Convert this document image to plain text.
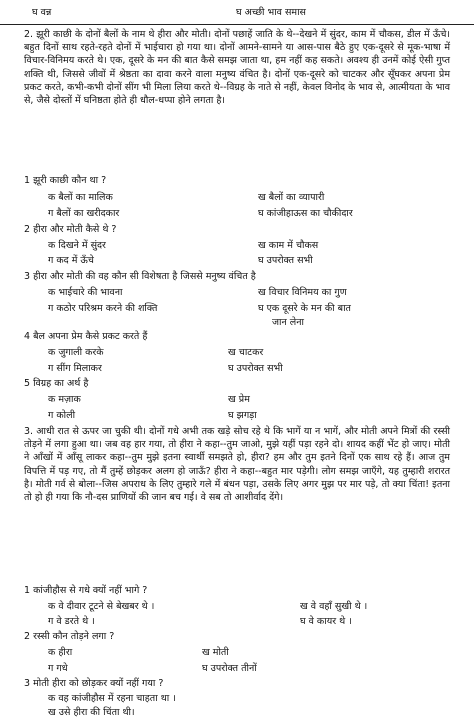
घ वन्न	घ अच्छी भाव समास
2. झूरी काछी के दोनों बैलों के नाम थे हीरा और मोती। दोनों पछाहें जाति के थे--देखने में सुंदर, काम में चौकस, डील में ऊँचे। बहुत दिनों साथ रहते-रहते दोनों में भाईचारा हो गया था। दोनों आमने-सामने या आस-पास बैठे हुए एक-दूसरे से मूक-भाषा में विचार-विनिमय करते थे। एक, दूसरे के मन की बात कैसे समझ जाता था, हम नहीं कह सकते। अवश्य ही उनमें कोई ऐसी गुप्त शक्ति थी, जिससे जीवों में श्रेष्ठता का दावा करने वाला मनुष्य वंचित है। दोनों एक-दूसरे को चाटकर और सूँघकर अपना प्रेम प्रकट करते, कभी-कभी दोनों सींग भी मिला लिया करते थे--विग्रह के नाते से नहीं, केवल विनोद के भाव से, आत्मीयता के भाव से, जैसे दोस्तों में घनिष्ठता होते ही धौल-धप्पा होने लगता है।
1 झूरी काछी कौन था ?
क बैलों का मालिक	ख बैलों का व्यापारी
ग बैलों का खरीदकार	घ कांजीहाऊस का चौकीदार
2 हीरा और मोती कैसे थे ?
क दिखने में सुंदर	ख काम में चौकस
ग कद में ऊँचे	घ उपरोक्त सभी
3 हीरा और मोती की वह कौन सी विशेषता है जिससे मनुष्य वंचित है
क भाईचारे की भावना	ख विचार विनिमय का गुण
ग कठोर परिश्रम करने की शक्ति	घ एक दूसरे के मन की बात
जान लेना
4 बैल अपना प्रेम कैसे प्रकट करते हैं
क जुगाली करके	ख चाटकर
ग सींग मिलाकर	घ उपरोक्त सभी
5 विग्रह का अर्थ है
क मज़ाक	ख प्रेम
ग कोली	घ झगड़ा
3. आधी रात से ऊपर जा चुकी थी। दोनों गधे अभी तक खड़े सोच रहे थे कि भागें या न भागें, और मोती अपने मित्रों की रस्सी तोड़ने में लगा हुआ था। जब वह हार गया, तो हीरा ने कहा--तुम जाओ, मुझे यहीं पड़ा रहने दो। शायद कहीं भेंट हो जाए। मोती ने आँखों में आँसू लाकर कहा--तुम मुझे इतना स्वार्थी समझते हो, हीरा? हम और तुम इतने दिनों एक साथ रहे हैं। आज तुम विपत्ति में पड़ गए, तो मैं तुम्हें छोड़कर अलग हो जाऊँ? हीरा ने कहा--बहुत मार पड़ेगी। लोग समझ जाएँगे, यह तुम्हारी शरारत है। मोती गर्व से बोला--जिस अपराध के लिए तुम्हारे गले में बंधन पड़ा, उसके लिए अगर मुझ पर मार पड़े, तो क्या चिंता! इतना तो हो ही गया कि नौ-दस प्राणियों की जान बच गई। वे सब तो आशीर्वाद देंगे।
1 कांजीहौस से गधे क्यों नहीं भागे ?
क वे दीवार टूटने से बेखबर थे ।	ख वे वहाँ सुखी थे ।
ग वे डरते थे ।	घ वे कायर थे ।
2 रस्सी कौन तोड़ने लगा ?
क हीरा	ख मोती
ग गधे	घ उपरोक्त तीनों
3 मोती हीरा को छोड़कर क्यों नहीं गया ?
क वह कांजीहौस में रहना चाहता था ।
ख उसे हीरा की चिंता थी।
